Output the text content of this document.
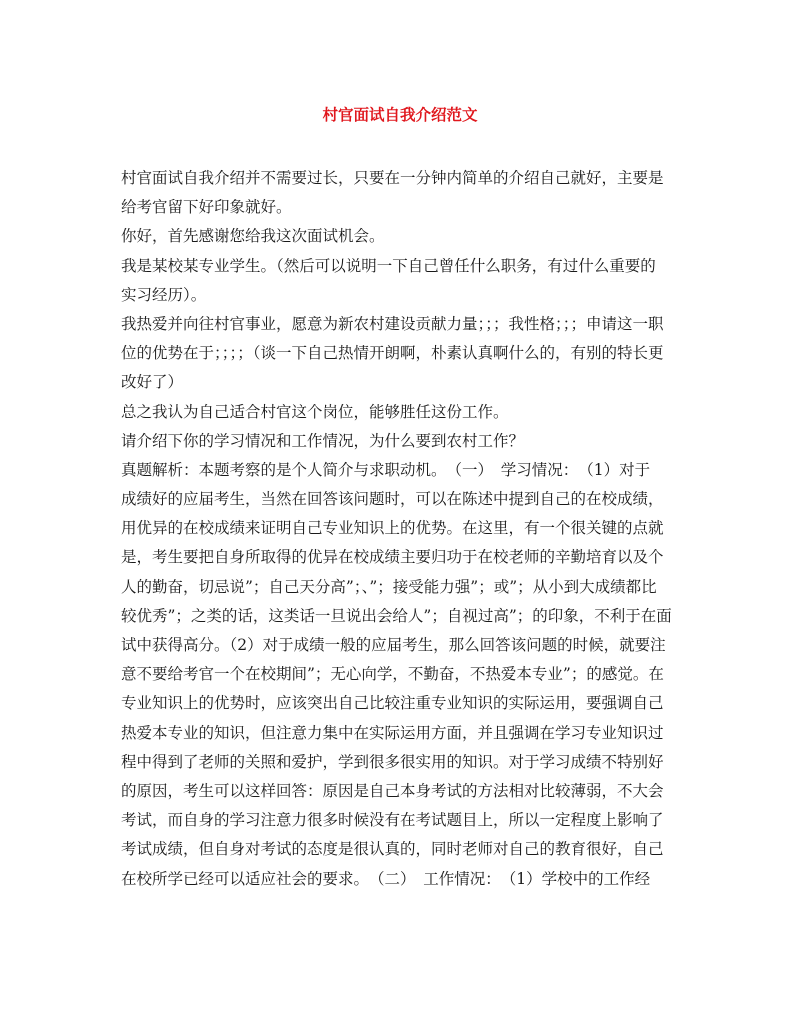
村官面试自我介绍范文
村官面试自我介绍并不需要过长，只要在一分钟内简单的介绍自己就好，主要是
给考官留下好印象就好。
你好，首先感谢您给我这次面试机会。
我是某校某专业学生。（然后可以说明一下自己曾任什么职务，有过什么重要的
实习经历）。
我热爱并向往村官事业，愿意为新农村建设贡献力量；；；我性格；；；申请这一职
位的优势在于；；；；（谈一下自己热情开朗啊，朴素认真啊什么的，有别的特长更
改好了）
总之我认为自己适合村官这个岗位，能够胜任这份工作。
请介绍下你的学习情况和工作情况，为什么要到农村工作？
真题解析：本题考察的是个人简介与求职动机。　（一）　学习情况：　（1）对于
成绩好的应届考生，当然在回答该问题时，可以在陈述中提到自己的在校成绩，
用优异的在校成绩来证明自己专业知识上的优势。在这里，有一个很关键的点就
是，考生要把自身所取得的优异在校成绩主要归功于在校老师的辛勤培育以及个
人的勤奋，切忌说”；自己天分高”；、”；接受能力强”；或”；从小到大成绩都比
较优秀”；之类的话，这类话一旦说出会给人”；自视过高”；的印象，不利于在面
试中获得高分。（2）对于成绩一般的应届考生，那么回答该问题的时候，就要注
意不要给考官一个在校期间”；无心向学，不勤奋，不热爱本专业”；的感觉。在
专业知识上的优势时，应该突出自己比较注重专业知识的实际运用，要强调自己
热爱本专业的知识，但注意力集中在实际运用方面，并且强调在学习专业知识过
程中得到了老师的关照和爱护，学到很多很实用的知识。对于学习成绩不特别好
的原因，考生可以这样回答：原因是自己本身考试的方法相对比较薄弱，不大会
考试，而自身的学习注意力很多时候没有在考试题目上，所以一定程度上影响了
考试成绩，但自身对考试的态度是很认真的，同时老师对自己的教育很好，自己
在校所学已经可以适应社会的要求。　（二）　工作情况：　（1）学校中的工作经
